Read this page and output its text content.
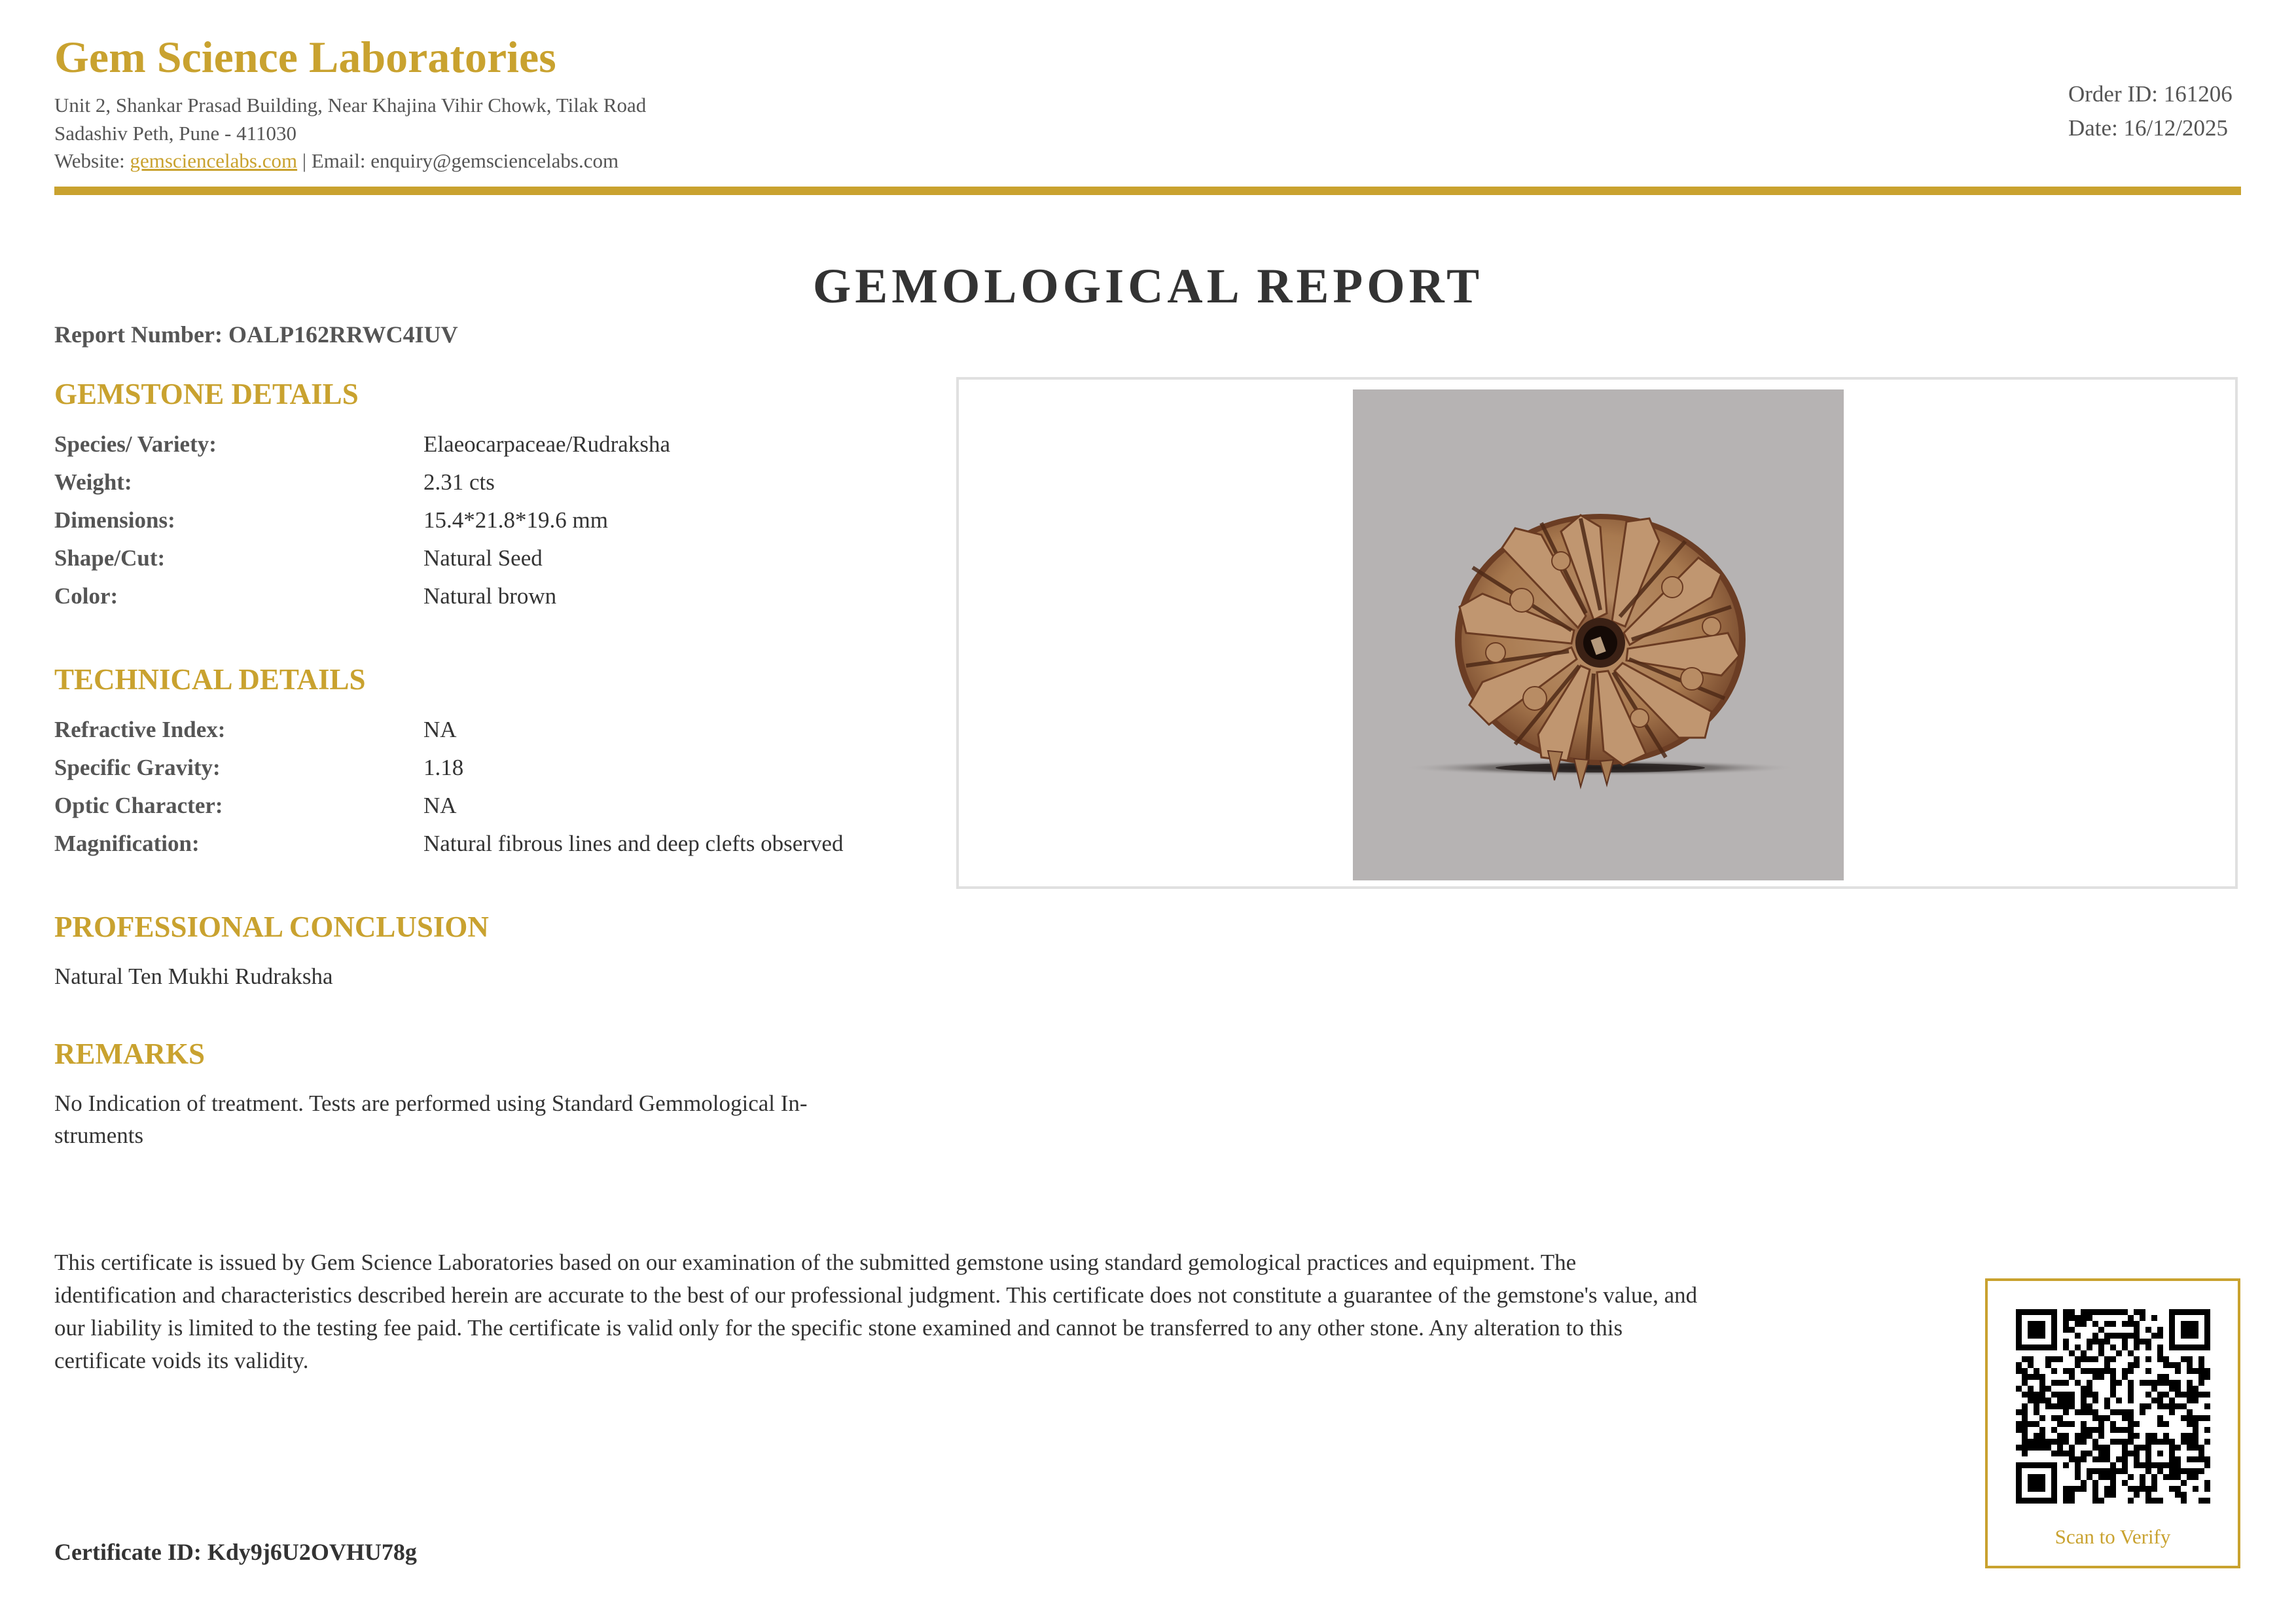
Gem Science Laboratories
Unit 2, Shankar Prasad Building, Near Khajina Vihir Chowk, Tilak Road
Sadashiv Peth, Pune - 411030
Website: gemsciencelabs.com | Email: enquiry@gemsciencelabs.com
Order ID: 161206
Date: 16/12/2025
GEMOLOGICAL REPORT
Report Number: OALP162RRWC4IUV
GEMSTONE DETAILS
Species/ Variety:	Elaeocarpaceae/Rudraksha
Weight:	2.31 cts
Dimensions:	15.4*21.8*19.6 mm
Shape/Cut:	Natural Seed
Color:	Natural brown
TECHNICAL DETAILS
Refractive Index:	NA
Specific Gravity:	1.18
Optic Character:	NA
Magnification:	Natural fibrous lines and deep clefts observed
PROFESSIONAL CONCLUSION
Natural Ten Mukhi Rudraksha
REMARKS
No Indication of treatment. Tests are performed using Standard Gemmological In-
struments
This certificate is issued by Gem Science Laboratories based on our examination of the submitted gemstone using standard gemological practices and equipment. The identification and characteristics described herein are accurate to the best of our professional judgment. This certificate does not constitute a guarantee of the gemstone's value, and our liability is limited to the testing fee paid. The certificate is valid only for the specific stone examined and cannot be transferred to any other stone. Any alteration to this certificate voids its validity.
Certificate ID: Kdy9j6U2OVHU78g
Scan to Verify
